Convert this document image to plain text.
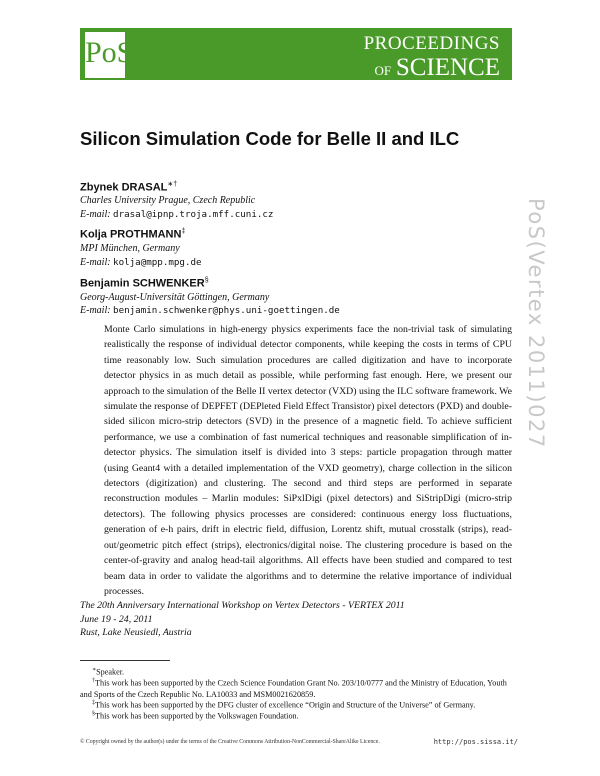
PoS	PROCEEDINGS
OF SCIENCE
Silicon Simulation Code for Belle II and ILC
Zbynek DRASAL∗†
Charles University Prague, Czech Republic
E-mail: drasal@ipnp.troja.mff.cuni.cz
Kolja PROTHMANN‡
MPI München, Germany
E-mail: kolja@mpp.mpg.de
Benjamin SCHWENKER§
Georg-August-Universität Göttingen, Germany
E-mail: benjamin.schwenker@phys.uni-goettingen.de
Monte Carlo simulations in high-energy physics experiments face the non-trivial task of simulating realistically the response of individual detector components, while keeping the costs in terms of CPU time reasonably low. Such simulation procedures are called digitization and have to incorporate detector physics in as much detail as possible, while performing fast enough. Here, we present our approach to the simulation of the Belle II vertex detector (VXD) using the ILC software framework. We simulate the response of DEPFET (DEPleted Field Effect Transistor) pixel detectors (PXD) and double-sided silicon micro-strip detectors (SVD) in the presence of a magnetic field. To achieve sufficient performance, we use a combination of fast numerical techniques and reasonable simplification of in-detector physics. The simulation itself is divided into 3 steps: particle propagation through matter (using Geant4 with a detailed implementation of the VXD geometry), charge collection in the silicon detectors (digitization) and clustering. The second and third steps are performed in separate reconstruction modules – Marlin modules: SiPxlDigi (pixel detectors) and SiStripDigi (micro-strip detectors). The following physics processes are considered: continuous energy loss fluctuations, generation of e-h pairs, drift in electric field, diffusion, Lorentz shift, mutual crosstalk (strips), read-out/geometric pitch effect (strips), electronics/digital noise. The clustering procedure is based on the center-of-gravity and analog head-tail algorithms. All effects have been studied and compared to test beam data in order to validate the algorithms and to determine the relative importance of individual processes.
The 20th Anniversary International Workshop on Vertex Detectors - VERTEX 2011
June 19 - 24, 2011
Rust, Lake Neusiedl, Austria
∗Speaker.
†This work has been supported by the Czech Science Foundation Grant No. 203/10/0777 and the Ministry of Education, Youth and Sports of the Czech Republic No. LA10033 and MSM0021620859.
‡This work has been supported by the DFG cluster of excellence “Origin and Structure of the Universe” of Germany.
§This work has been supported by the Volkswagen Foundation.
© Copyright owned by the author(s) under the terms of the Creative Commons Attribution-NonCommercial-ShareAlike Licence.	http://pos.sissa.it/
PoS(Vertex 2011)027
